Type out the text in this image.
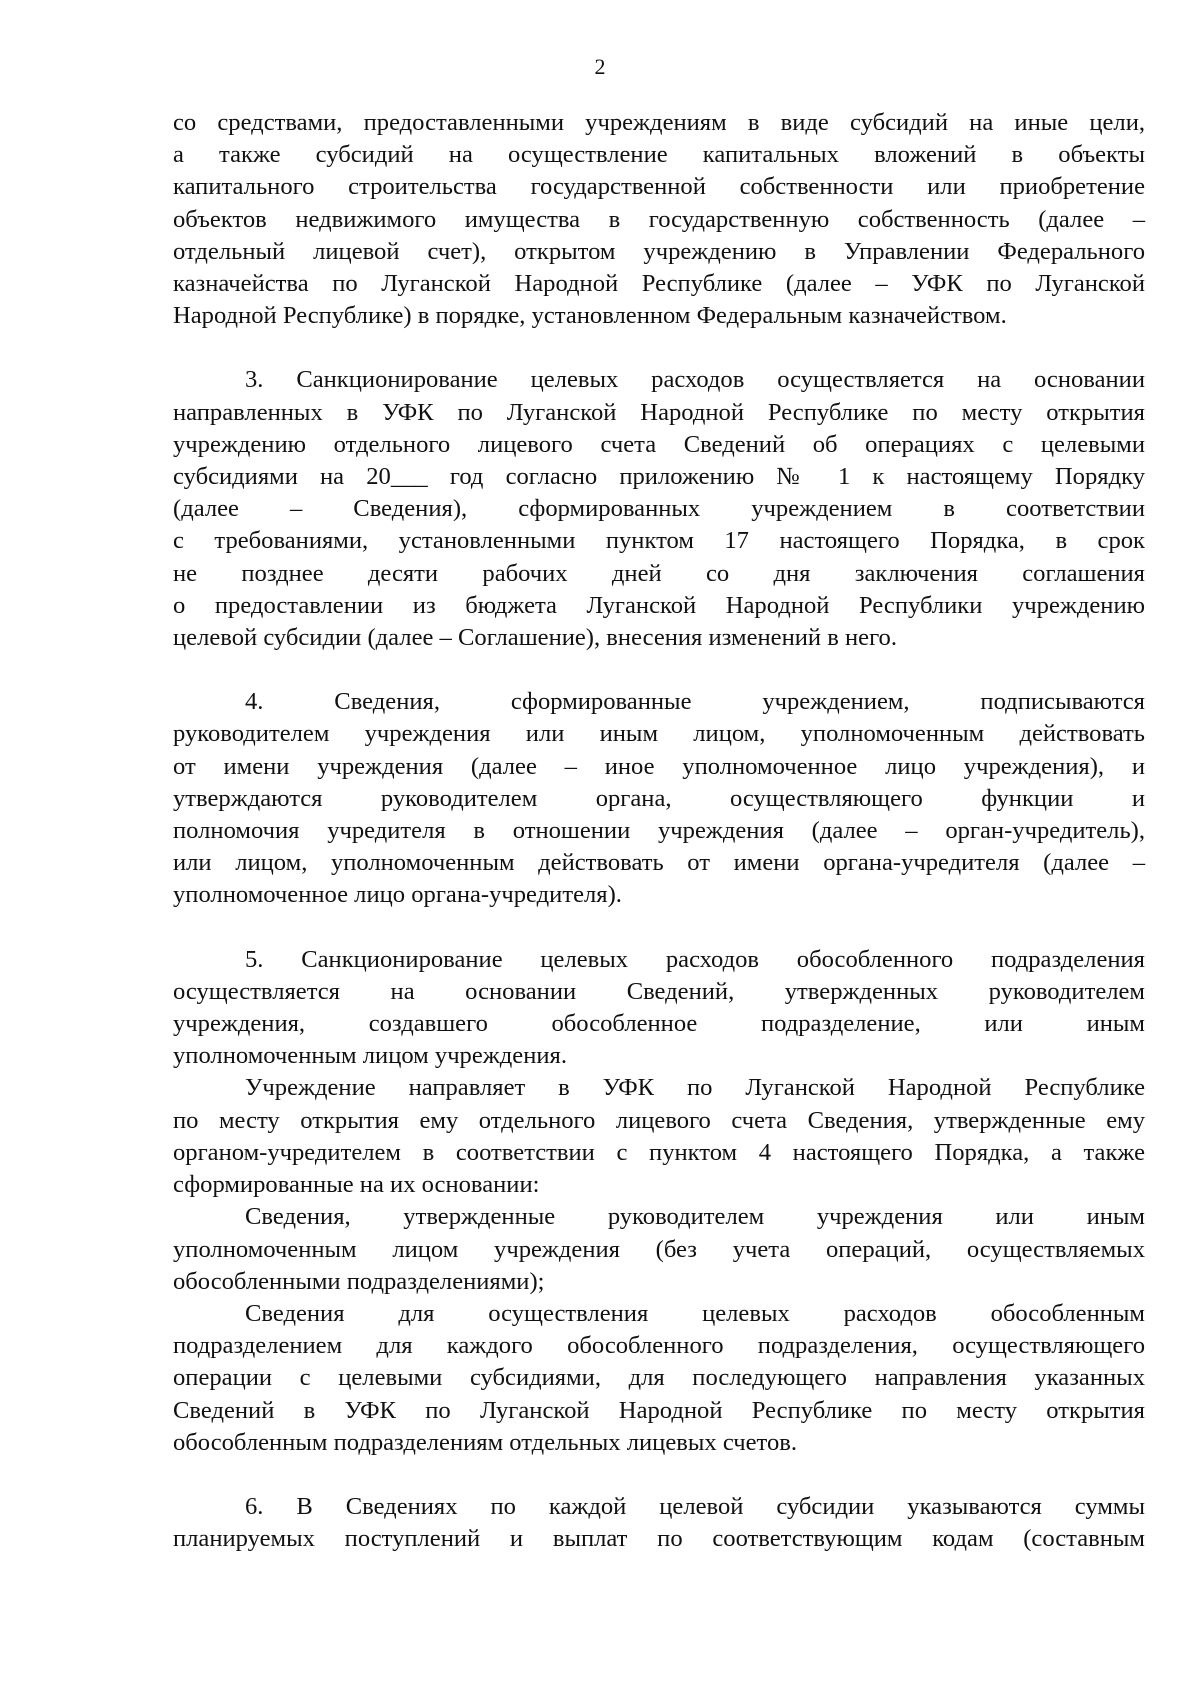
2

со средствами, предоставленными учреждениям в виде субсидий на иные цели,

а также субсидий на осуществление капитальных вложений в объекты

капитального строительства государственной собственности или приобретение

объектов недвижимого имущества в государственную собственность (далее –

отдельный лицевой счет), открытом учреждению в Управлении Федерального

казначейства по Луганской Народной Республике (далее – УФК по Луганской

Народной Республике) в порядке, установленном Федеральным казначейством.

3. Санкционирование целевых расходов осуществляется на основании

направленных в УФК по Луганской Народной Республике по месту открытия

учреждению отдельного лицевого счета Сведений об операциях с целевыми

субсидиями на 20___ год согласно приложению № 1 к настоящему Порядку

(далее – Сведения), сформированных учреждением в соответствии

с требованиями, установленными пунктом 17 настоящего Порядка, в срок

не позднее десяти рабочих дней со дня заключения соглашения

о предоставлении из бюджета Луганской Народной Республики учреждению

целевой субсидии (далее – Соглашение), внесения изменений в него.

4. Сведения, сформированные учреждением, подписываются

руководителем учреждения или иным лицом, уполномоченным действовать

от имени учреждения (далее – иное уполномоченное лицо учреждения), и

утверждаются руководителем органа, осуществляющего функции и

полномочия учредителя в отношении учреждения (далее – орган-учредитель),

или лицом, уполномоченным действовать от имени органа-учредителя (далее –

уполномоченное лицо органа-учредителя).

5. Санкционирование целевых расходов обособленного подразделения

осуществляется на основании Сведений, утвержденных руководителем

учреждения, создавшего обособленное подразделение, или иным

уполномоченным лицом учреждения.

Учреждение направляет в УФК по Луганской Народной Республике

по месту открытия ему отдельного лицевого счета Сведения, утвержденные ему

органом-учредителем в соответствии с пунктом 4 настоящего Порядка, а также

сформированные на их основании:

Сведения, утвержденные руководителем учреждения или иным

уполномоченным лицом учреждения (без учета операций, осуществляемых

обособленными подразделениями);

Сведения для осуществления целевых расходов обособленным

подразделением для каждого обособленного подразделения, осуществляющего

операции с целевыми субсидиями, для последующего направления указанных

Сведений в УФК по Луганской Народной Республике по месту открытия

обособленным подразделениям отдельных лицевых счетов.

6. В Сведениях по каждой целевой субсидии указываются суммы

планируемых поступлений и выплат по соответствующим кодам (составным
